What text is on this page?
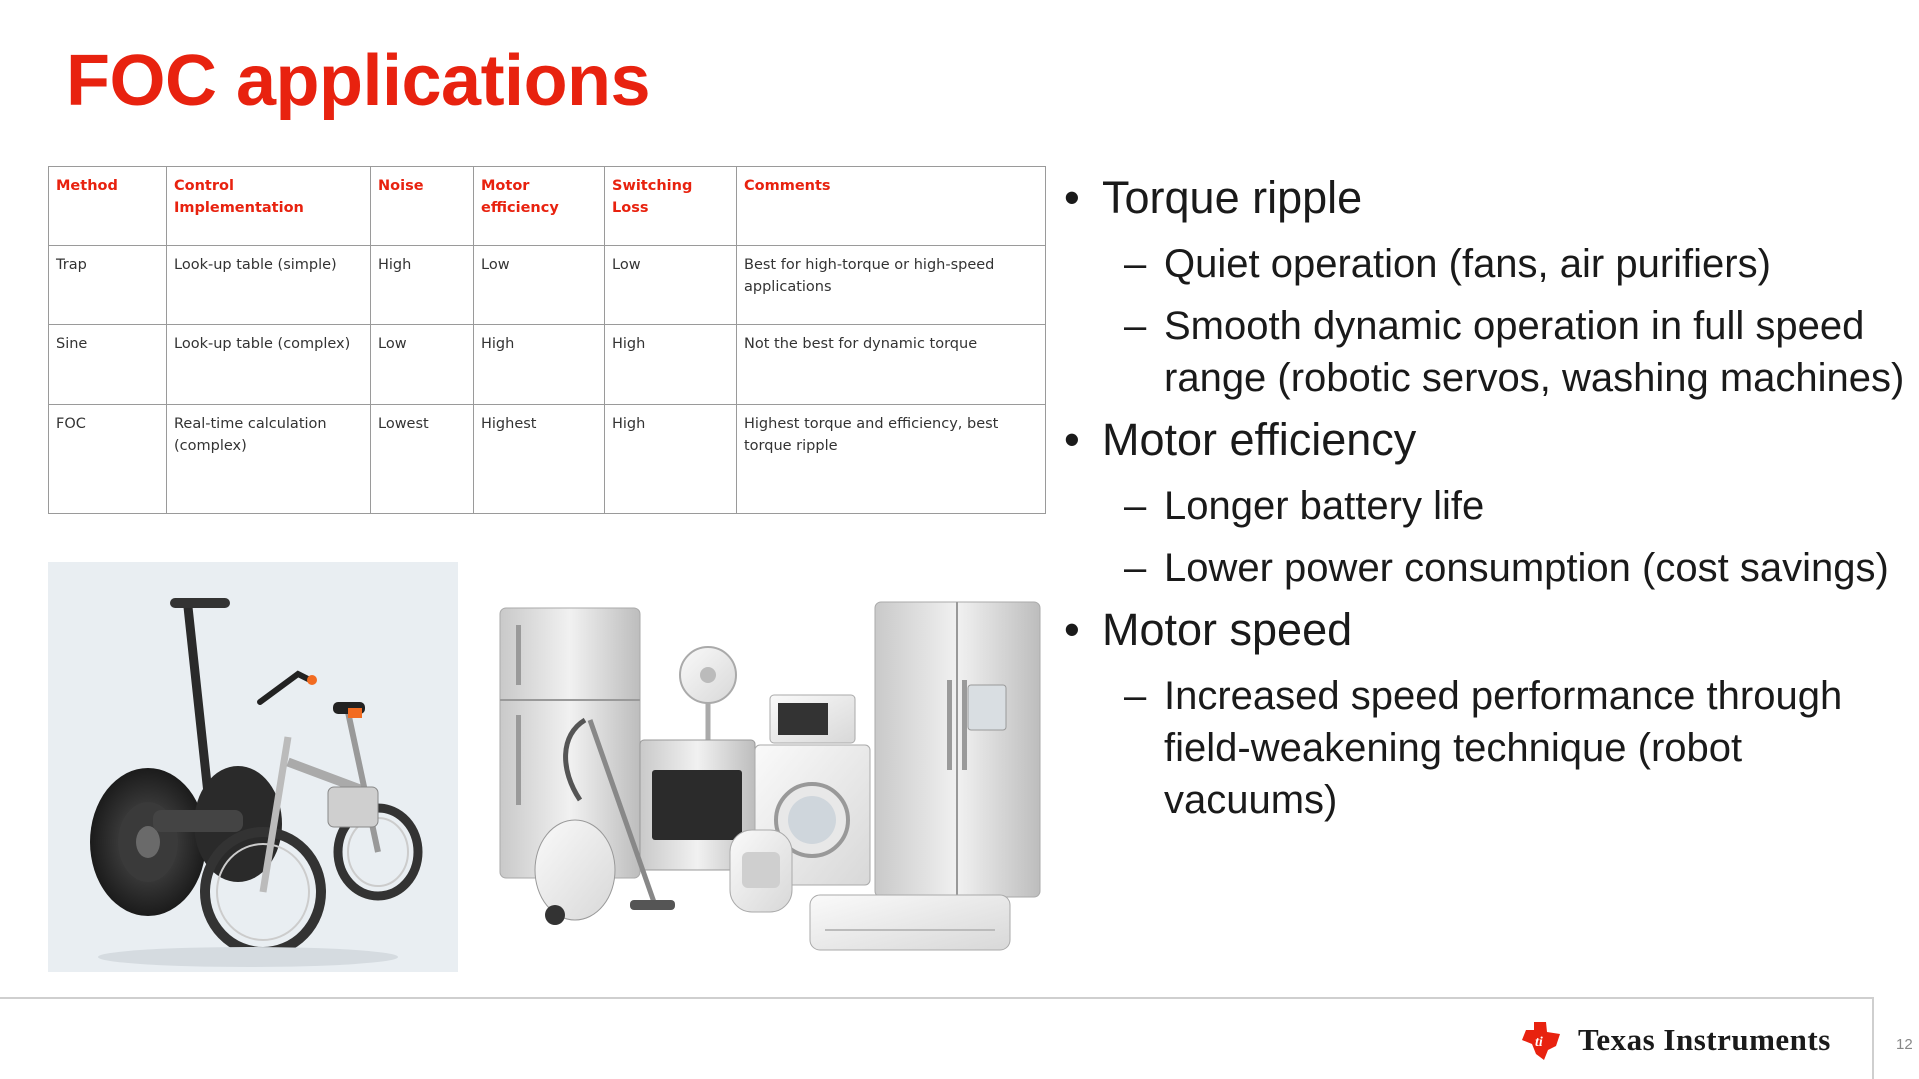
FOC applications
Method	Control Implementation	Noise	Motor efficiency	Switching Loss	Comments
Trap	Look-up table (simple)	High	Low	Low	Best for high-torque or high-speed applications
Sine	Look-up table (complex)	Low	High	High	Not the best for dynamic torque
FOC	Real-time calculation (complex)	Lowest	Highest	High	Highest torque and efficiency, best torque ripple
• Torque ripple
– Quiet operation (fans, air purifiers)
– Smooth dynamic operation in full speed range (robotic servos, washing machines)
• Motor efficiency
– Longer battery life
– Lower power consumption (cost savings)
• Motor speed
– Increased speed performance through field-weakening technique (robot vacuums)
ti Texas Instruments	12
